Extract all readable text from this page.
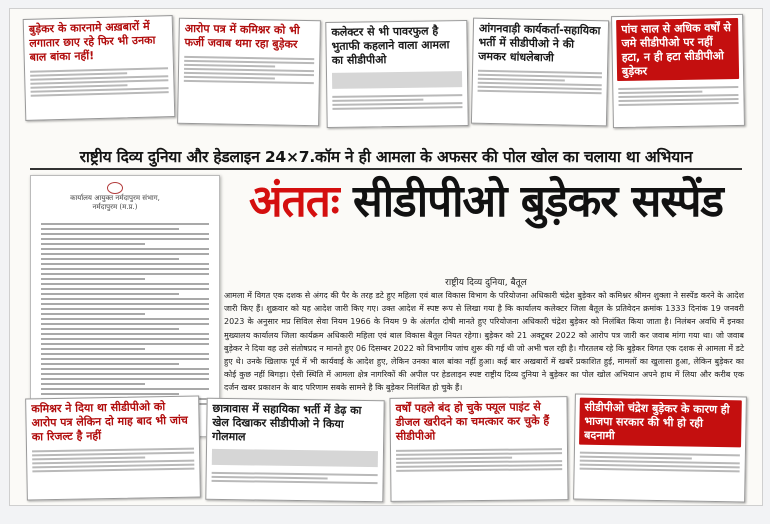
बुड़ेकर के कारनामे अख़बारों में लगातार छाए रहे फिर भी उनका बाल बांका नहीं!
आरोप पत्र में कमिश्नर को भी फर्जी जवाब थमा रहा बुड़ेकर
कलेक्टर से भी पावरफुल है भुताफी कहलाने वाला आमला का सीडीपीओ
आंगनवाड़ी कार्यकर्ता-सहायिका भर्ती में सीडीपीओ ने की जमकर धांधलेबाजी
पांच साल से अधिक वर्षों से जमे सीडीपीओ पर नहीं हटा, न ही हटा सीडीपीओ बुड़ेकर
राष्ट्रीय दिव्य दुनिया और हेडलाइन 24×7.कॉम ने ही आमला के अफसर की पोल खोल का चलाया था अभियान
कार्यालय आयुक्त नर्मदापुरम संभाग, नर्मदापुरम (म.प्र.)	अंततः सीडीपीओ बुड़ेकर सस्पेंड
राष्ट्रीय दिव्य दुनिया, बैतूल
आमला में विगत एक दशक से अंगद की पैर के तरह डटे हुए महिला एवं बाल विकास विभाग के परियोजना अधिकारी चंद्रेश बुड़ेकर को कमिश्नर श्रीमन शुक्ला ने सस्पेंड करने के आदेश जारी किए हैं। शुक्रवार को यह आदेश जारी किए गए। उक्त आदेश में स्पष्ट रूप से लिखा गया है कि कार्यालय कलेक्टर जिला बैतूल के प्रतिवेदन क्रमांक 1333 दिनांक 19 जनवरी 2023 के अनुसार मप्र सिविल सेवा नियम 1966 के नियम 9 के अंतर्गत दोषी मानते हुए परियोजना अधिकारी चंद्रेश बुड़ेकर को निलंबित किया जाता है। निलंबन अवधि में इनका मुख्यालय कार्यालय जिला कार्यक्रम अधिकारी महिला एवं बाल विकास बैतूल नियत रहेगा। बुड़ेकर को 21 अक्टूबर 2022 को आरोप पत्र जारी कर जवाब मांगा गया था। जो जवाब बुड़ेकर ने दिया वह उसे संतोषप्रद न मानते हुए 06 दिसम्बर 2022 को विभागीय जांच शुरू की गई थी जो अभी चल रही है। गौरतलब रहे कि बुड़ेकर विगत एक दशक से आमला में डटे हुए थे। उनके खिलाफ पूर्व में भी कार्यवाई के आदेश हुए, लेकिन उनका बाल बांका नहीं हुआ। कई बार अखबारों में खबरें प्रकाशित हुई, मामलों का खुलासा हुआ, लेकिन बुड़ेकर का कोई कुछ नहीं बिगड़ा। ऐसी स्थिति में आमला क्षेत्र नागरिकों की अपील पर हेडलाइन स्पष्ट राष्ट्रीय दिव्य दुनिया ने बुड़ेकर का पोल खोल अभियान अपने हाथ में लिया और करीब एक दर्जन खबर प्रकाशन के बाद परिणाम सबके सामने है कि बुड़ेकर निलंबित हो चुके हैं।
कमिश्नर ने दिया था सीडीपीओ को आरोप पत्र लेकिन दो माह बाद भी जांच का रिजल्ट है नहीं
छात्रावास में सहायिका भर्ती में डेढ़ का खेल दिखाकर सीडीपीओ ने किया गोलमाल
वर्षों पहले बंद हो चुके फ्यूल पाइंट से डीजल खरीदने का चमत्कार कर चुके हैं सीडीपीओ
सीडीपीओ चंद्रेश बुड़ेकर के कारण ही भाजपा सरकार की भी हो रही बदनामी
